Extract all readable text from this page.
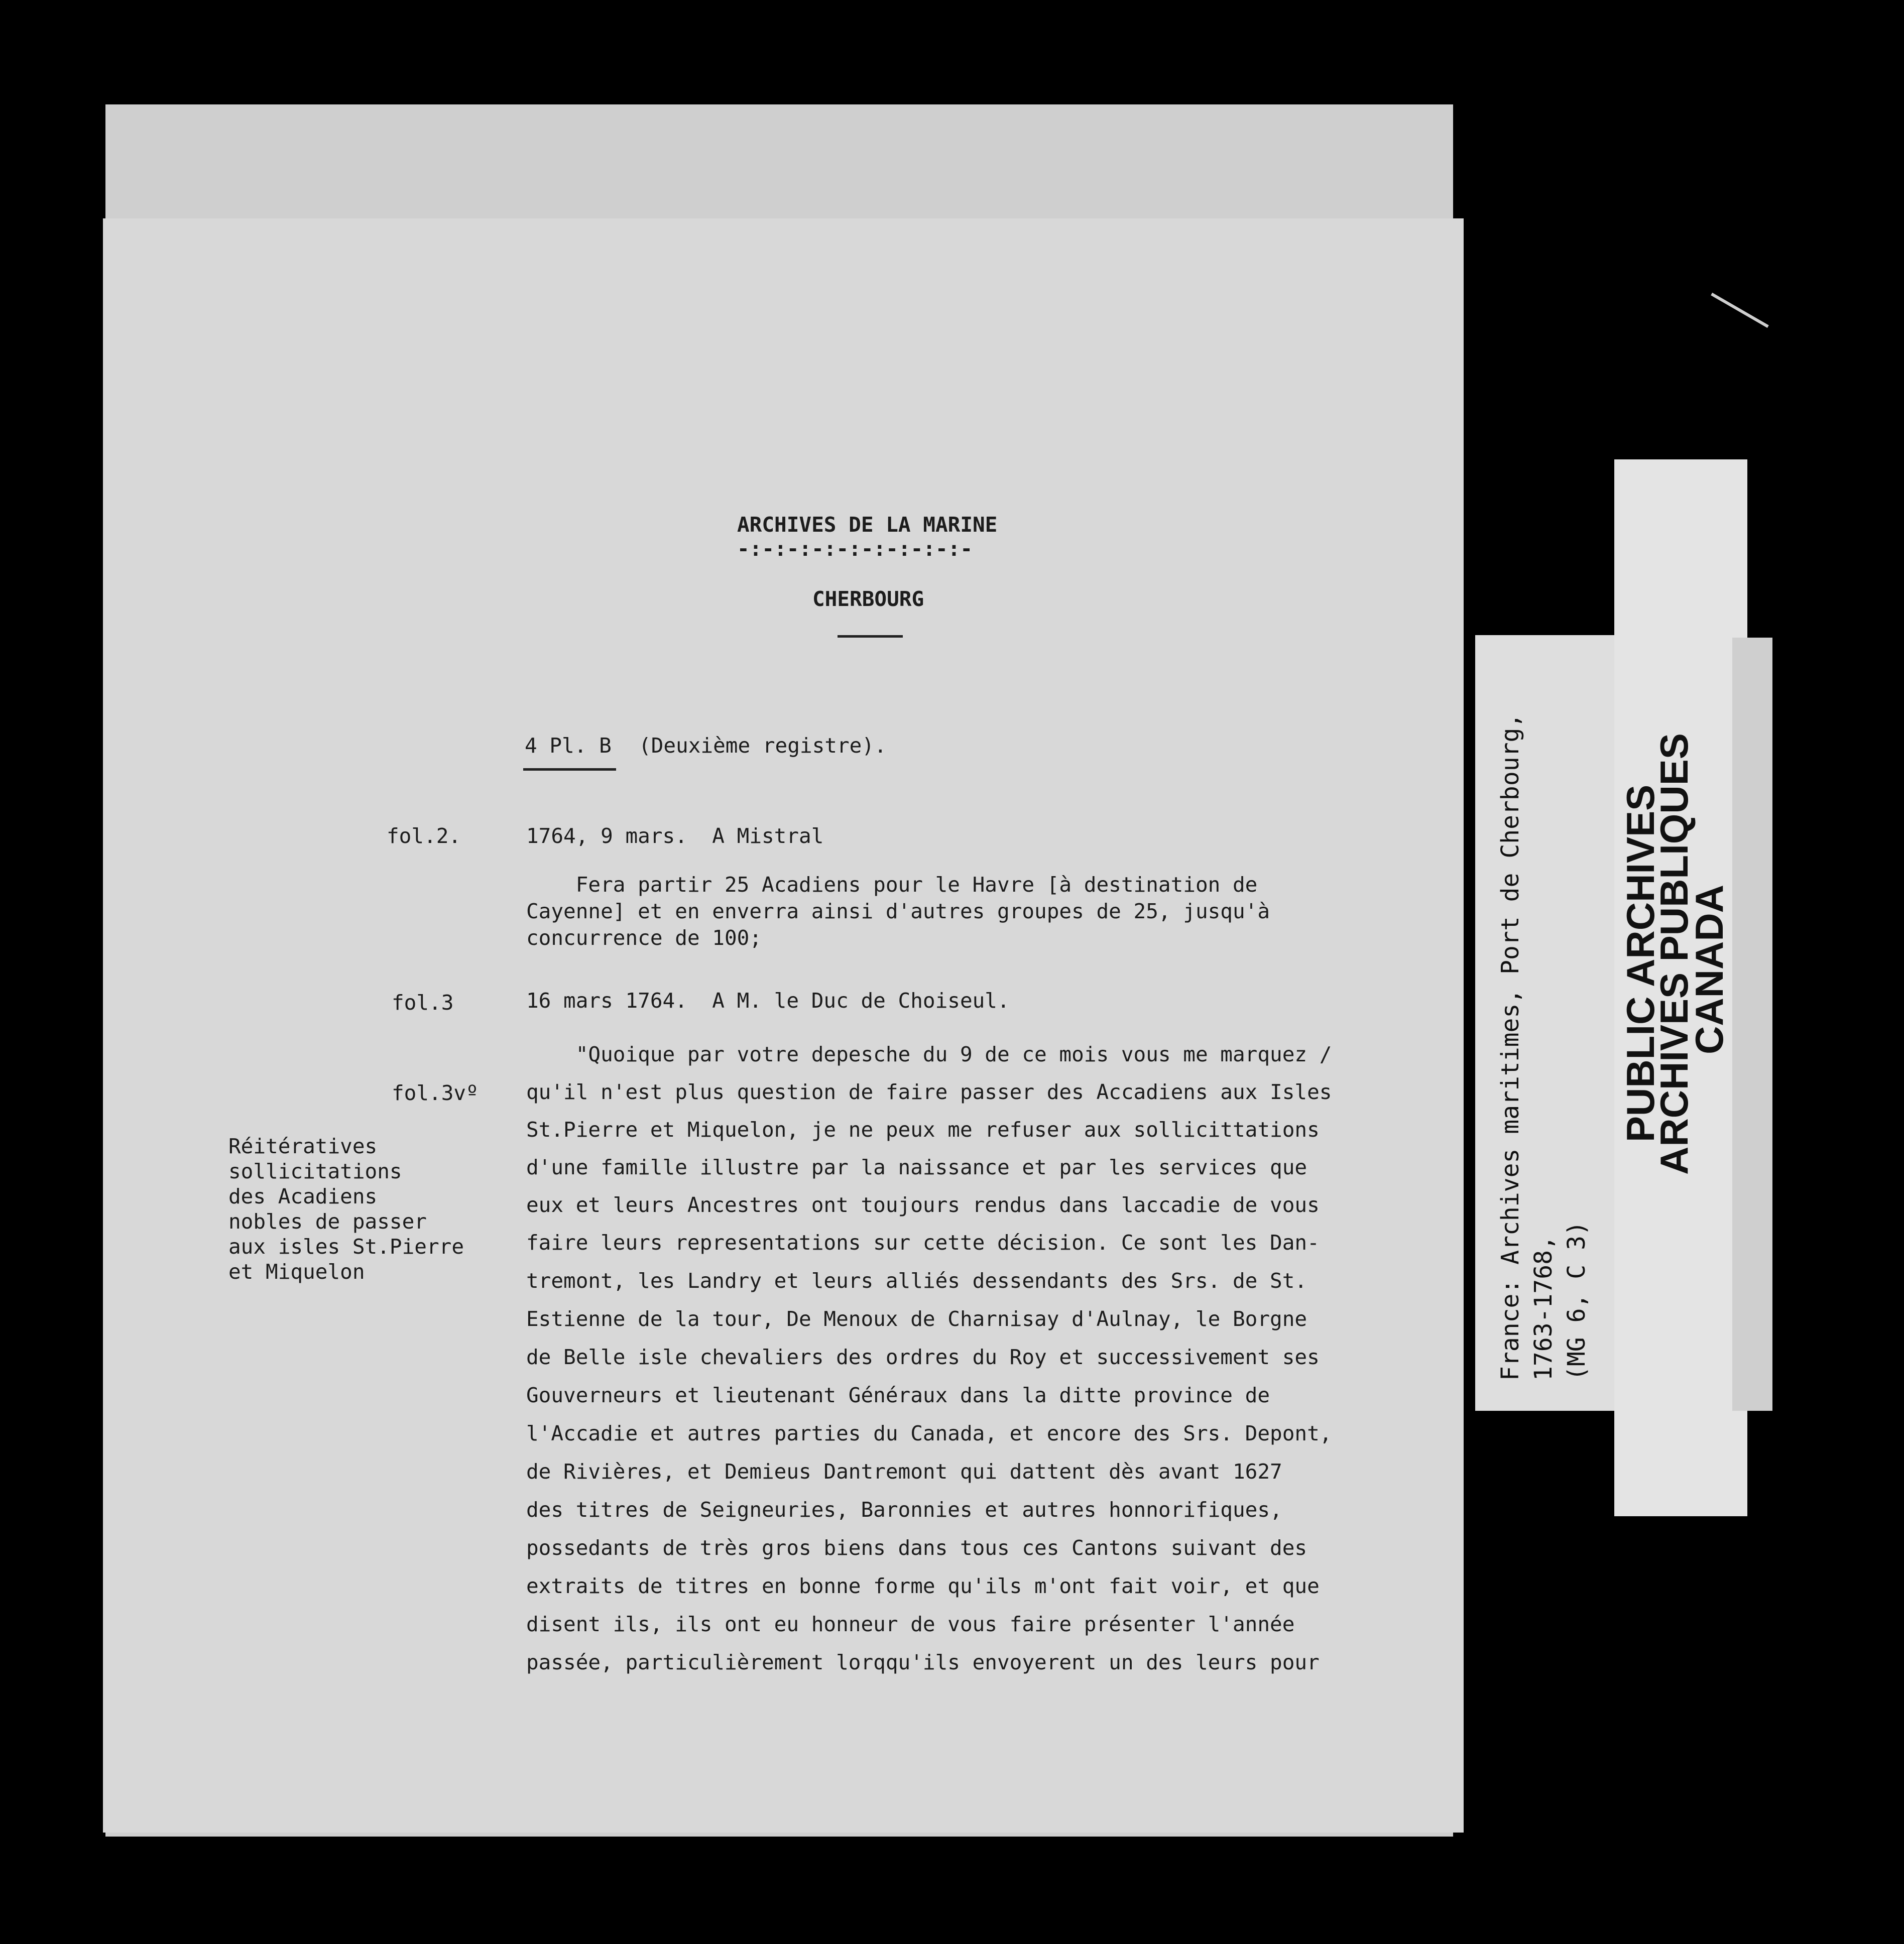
ARCHIVES DE LA MARINE
-:-:-:-:-:-:-:-:-:-
CHERBOURG
4 Pl. B (Deuxième registre).
fol.2.	1764, 9 mars.  A Mistral
Fera partir 25 Acadiens pour le Havre [à destination de
Cayenne] et en enverra ainsi d'autres groupes de 25, jusqu'à
concurrence de 100;
fol.3	16 mars 1764.  A M. le Duc de Choiseul.
fol.3vº
Réitératives
sollicitations
des Acadiens
nobles de passer
aux isles St.Pierre
et Miquelon
"Quoique par votre depesche du 9 de ce mois vous me marquez /
qu'il n'est plus question de faire passer des Accadiens aux Isles
St.Pierre et Miquelon, je ne peux me refuser aux sollicittations
d'une famille illustre par la naissance et par les services que
eux et leurs Ancestres ont toujours rendus dans laccadie de vous
faire leurs representations sur cette décision. Ce sont les Dan-
tremont, les Landry et leurs alliés dessendants des Srs. de St.
Estienne de la tour, De Menoux de Charnisay d'Aulnay, le Borgne
de Belle isle chevaliers des ordres du Roy et successivement ses
Gouverneurs et lieutenant Généraux dans la ditte province de
l'Accadie et autres parties du Canada, et encore des Srs. Depont,
de Rivières, et Demieus Dantremont qui dattent dès avant 1627
des titres de Seigneuries, Baronnies et autres honnorifiques,
possedants de très gros biens dans tous ces Cantons suivant des
extraits de titres en bonne forme qu'ils m'ont fait voir, et que
disent ils, ils ont eu honneur de vous faire présenter l'année
passée, particulièrement lorqqu'ils envoyerent un des leurs pour
France: Archives maritimes, Port de Cherbourg, 1763-1768, (MG 6, C 3)
PUBLIC ARCHIVES
ARCHIVES PUBLIQUES
CANADA
